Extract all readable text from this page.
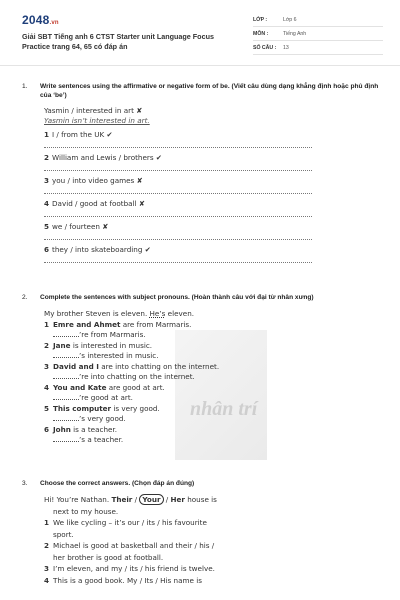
2048.vn
Giải SBT Tiếng anh 6 CTST Starter unit Language Focus Practice trang 64, 65 có đáp án
LỚP :	Lớp 6
MÔN :	Tiếng Anh
SỐ CÂU :	13
1.	Write sentences using the affirmative or negative form of be. (Viết câu dùng dạng khẳng định hoặc phủ định của ‘be’)
Yasmin / interested in art ✘
Yasmin isn’t interested in art.
1 I / from the UK
✔
2 William and Lewis / brothers
✔
3 you / into video games
✘
4 David / good at football
✘
5 we / fourteen
✘
6 they / into skateboarding
✔
nhân trí
2.	Complete the sentences with subject pronouns. (Hoàn thành câu với đại từ nhân xưng)
My brother Steven is eleven. He’s eleven.
1 Emre and Ahmet are from Marmaris.
’re from Marmaris.
2 Jane is interested in music.
’s interested in music.
3 David and I are into chatting on the internet.
’re into chatting on the internet.
4 You and Kate are good at art.
’re good at art.
5 This computer is very good.
’s very good.
6 John is a teacher.
’s a teacher.
3.	Choose the correct answers. (Chọn đáp án đúng)
Hi! You’re Nathan. Their / Your / Her house is
next to my house.
1 We like cycling – it’s our / its / his favourite
sport.
2 Michael is good at basketball and their / his /
her brother is good at football.
3 I’m eleven, and my / its / his friend is twelve.
4 This is a good book. My / Its / His name is
